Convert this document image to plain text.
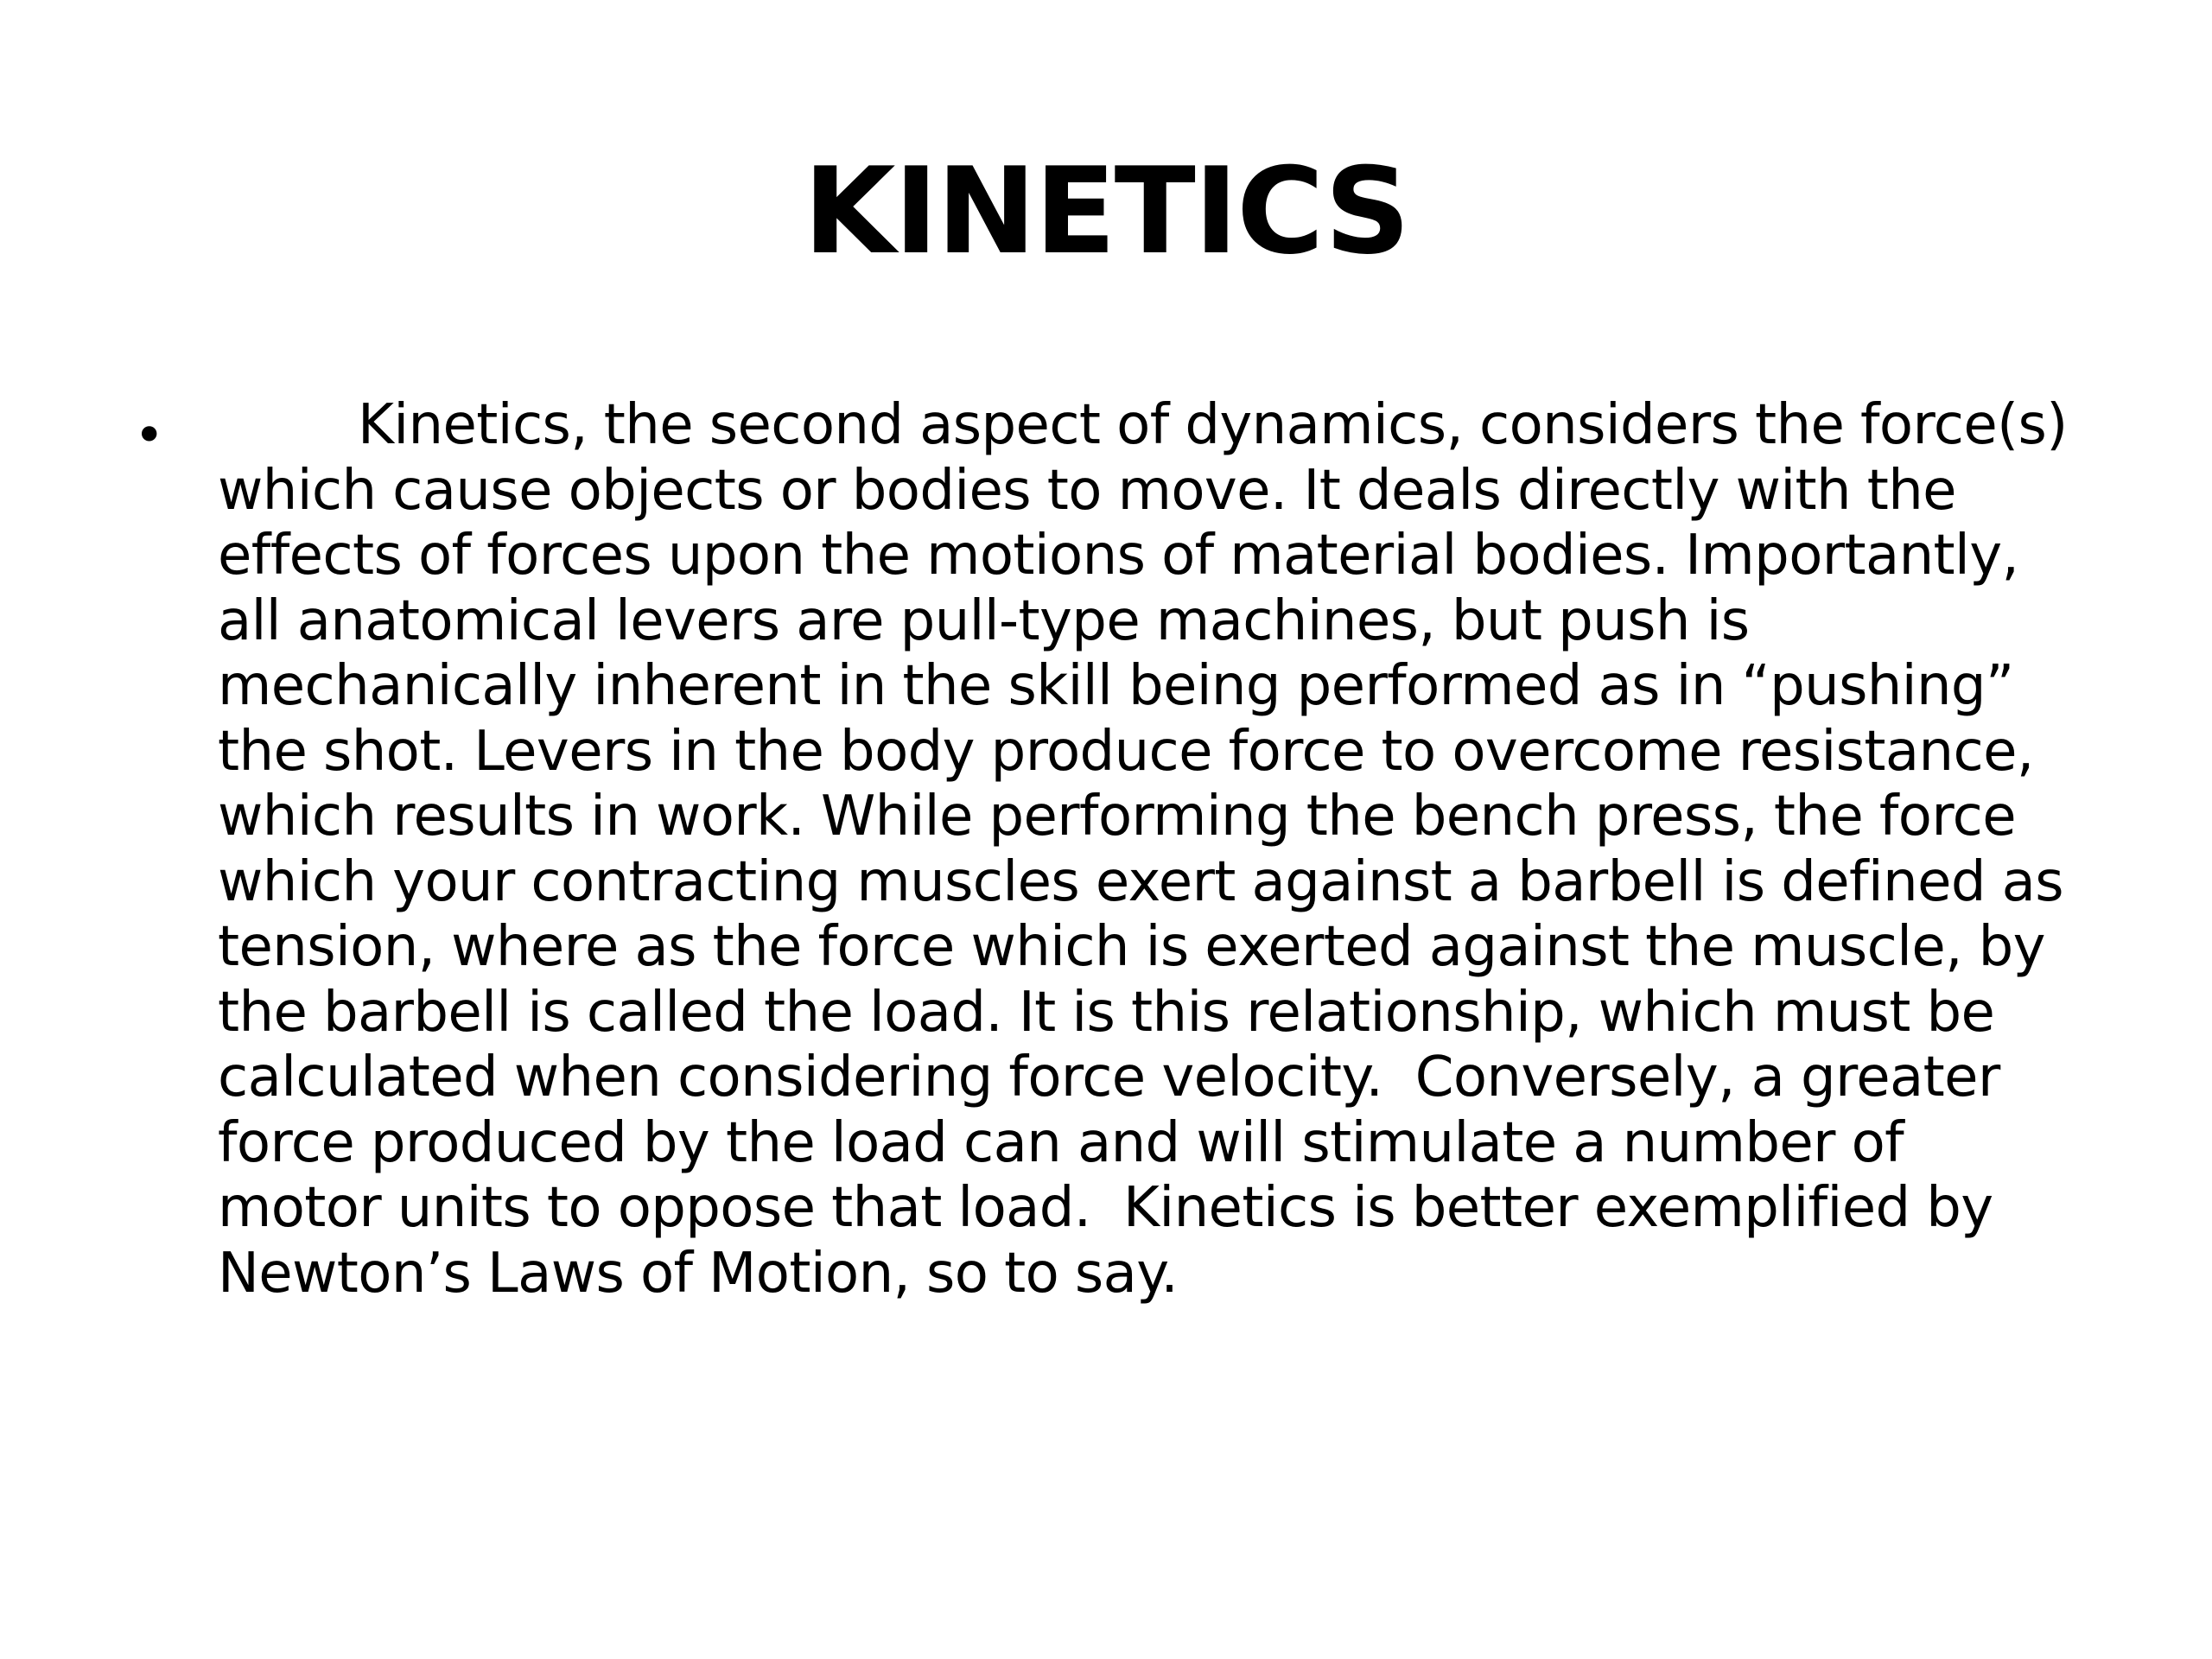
KINETICS
•	Kinetics, the second aspect of dynamics, considers the force(s)
which cause objects or bodies to move. It deals directly with the
effects of forces upon the motions of material bodies. Importantly,
all anatomical levers are pull-type machines, but push is
mechanically inherent in the skill being performed as in “pushing”
the shot. Levers in the body produce force to overcome resistance,
which results in work. While performing the bench press, the force
which your contracting muscles exert against a barbell is defined as
tension, where as the force which is exerted against the muscle, by
the barbell is called the load. It is this relationship, which must be
calculated when considering force velocity.  Conversely, a greater
force produced by the load can and will stimulate a number of
motor units to oppose that load.  Kinetics is better exemplified by
Newton’s Laws of Motion, so to say.
